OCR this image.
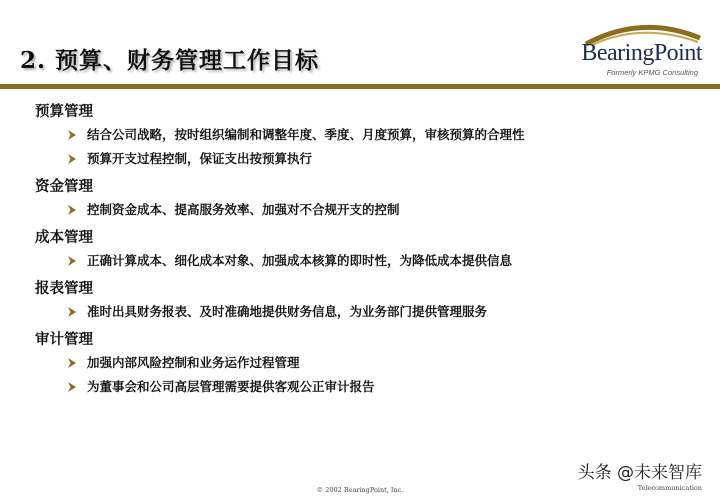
2. 预算、财务管理工作目标	BearingPoint
Formerly KPMG Consulting
预算管理
结合公司战略，按时组织编制和调整年度、季度、月度预算，审核预算的合理性
预算开支过程控制，保证支出按预算执行
资金管理
控制资金成本、提高服务效率、加强对不合规开支的控制
成本管理
正确计算成本、细化成本对象、加强成本核算的即时性，为降低成本提供信息
报表管理
准时出具财务报表、及时准确地提供财务信息，为业务部门提供管理服务
审计管理
加强内部风险控制和业务运作过程管理
为董事会和公司高层管理需要提供客观公正审计报告
© 2002 BearingPoint, Inc.
头条 @未来智库
Telecommunication
